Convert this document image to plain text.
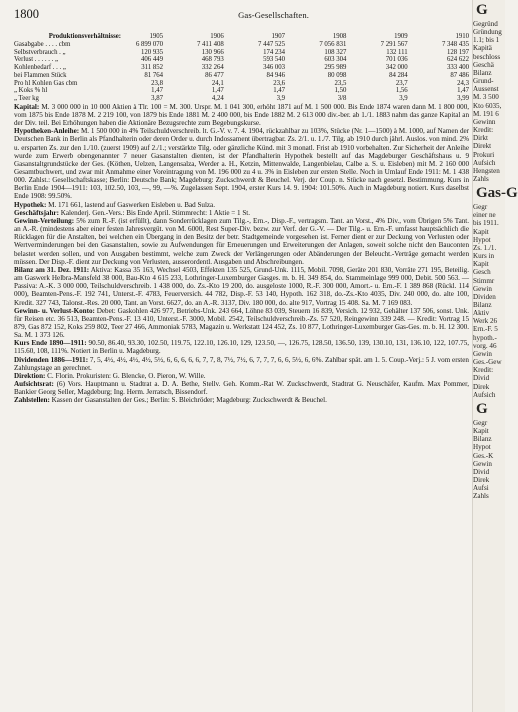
1800	Gas-Gesellschaften.
Produktionsverhältnisse:	1905	1906	1907	1908	1909	1910
Gasabgabe . . . . cbm	6 899 070	7 411 408	7 447 525	7 056 831	7 291 567	7 348 435
Selbstverbrauch . „	120 935	130 966	174 234	108 327	132 111	128 197
Verlust . . . . . . „	406 449	468 793	593 540	603 304	701 036	624 622
Kohlenbedarf . . . „	311 852	332 264	346 003	295 989	342 000	333 400
bei Flammen Stück	81 764	86 477	84 946	80 098	84 284	87 486
Pro hl Kohlen Gas cbm	23,8	24,1	23,6	23,5	23,7	24,3
„ Koks % hl	1,47	1,47	1,47	1,50	1,56	1,47
„ Teer kg	3,87	4,24	3,9	3/8	3,9	3,99

Kapital: M. 3 000 000 in 10 000 Aktien à Tlr. 100 = M. 300. Urspr. M. 1 041 300, erhöht 1871 auf M. 1 500 000. Bis Ende 1874 waren dann M. 1 800 000, vom 1875 bis Ende 1878 M. 2 219 100, von 1879 bis Ende 1881 M. 2 400 000, bis Ende 1882 M. 2 613 000 div.-ber. ab 1./1. 1883 nahm das ganze Kapital an der Div. teil. Bei Erhöhungen haben die Aktionäre Bezugsrechte zum Begebungskurse.

Hypotheken-Anleihe: M. 1 500 000 in 4% Teilschuldverschreib. lt. G.-V. v. 7. 4. 1904, rückzahlbar zu 103%, Stücke (Nr. 1—1500) à M. 1000, auf Namen der Deutschen Bank in Berlin als Pfandhalterin oder deren Order u. durch Indossament übertragbar. Zs. 2/1. u. 1./7. Tilg. ab 1910 durch jährl. Auslos. von mind. 2% u. ersparten Zs. zur den 1./10. (zuerst 1909) auf 2./1.; verstärkte Tilg. oder gänzliche Künd. mit 3 monatl. Frist ab 1910 vorbehalten. Zur Sicherheit der Anleihe wurde zum Erwerb obengenannter 7 neuer Gasanstalten dienten, ist der Pfandhalterin Hypothek bestellt auf das Magdeburger Geschäftshaus u. 9 Gasanstaltgrundstücke der Ges. (Köthen, Uelzen, Langensalza, Werder a. H., Ketzin, Mittenwalde, Langenbielau, Calbe a. S. u. Eisleben) mit M. 2 160 000 Gesamtbuchwert, und zwar mit Anmahme einer Voreintragung von M. 196 000 zu 4 u. 3% in Eisleben zur ersten Stelle. Noch in Umlauf Ende 1911: M. 1 438 000. Zahlst.: Gesellschaftskasse; Berlin: Deutsche Bank; Magdeburg: Zuckschwerdt & Beuchel. Verj. der Coup. n. Stücke nach gesetzl. Bestimmung. Kurs in Berlin Ende 1904—1911: 103, 102.50, 103, —, 99, —%. Zugelassen Sept. 1904, erster Kurs 14. 9. 1904: 101.50%. Auch in Magdeburg notiert. Kurs daselbst Ende 1908: 99.50%.

Hypothek: M. 171 661, lastend auf Gaswerken Eisleben u. Bad Sulza.

Geschäftsjahr: Kalenderj. Gen.-Vers.: Bis Ende April. Stimmrecht: 1 Aktie = 1 St.

Gewinn-Verteilung: 5% zum R.-F. (ist erfüllt), dann Sonderrücklagen zum Tilg.-, Ern.-, Disp.-F., vertragsm. Tant. an Vorst., 4% Div., vom Übrigen 5% Tant. an A.-R. (mindestens aber einer festen Jahresvergüt. von M. 6000, Rest Super-Div. bezw. zur Verf. der G.-V. — Der Tilg.- u. Ern.-F. umfasst hauptsächlich die Rücklagen für die Anstalten, bei welchen ein Übergang in den Besitz der betr. Stadtgemeinde vorgesehen ist. Ferner dient er zur Deckung von Verlusten oder Wertverminderungen bei den Gasanstalten, sowie zu Aufwendungen für Erneuerungen und Erweiterungen der Anlagen, soweit solche nicht den Bauconten belastet werden sollen, und von Ausgaben bestimmt, welche zum Zweck der Verlängerungen oder Abänderungen der Beleucht.-Verträge gemacht werden müssen. Der Disp.-F. dient zur Deckung von Verlusten, ausserordentl. Ausgaben und Abschreibungen.

Bilanz am 31. Dez. 1911: Aktiva: Kassa 35 163, Wechsel 4503, Effekten 135 525, Grund-Unk. 1115, Mobil. 7098, Geräte 201 830, Vorräte 271 195, Beteilig. am Gaswerk Helbra-Mansfeld 38 000, Bau-Kto 4 615 233, Lothringer-Luxemburger Gasges. m. b. H. 349 854, do. Stammeinlage 999 000, Debit. 500 563. — Passiva: A.-K. 3 000 000, Teilschuldverschreib. 1 438 000, do. Zs.-Kto 19 200, do. ausgeloste 1000, R.-F. 300 000, Amort.- u. Ern.-F. 1 389 868 (Rückl. 114 000), Beamten-Pens.-F. 192 741, Unterst.-F. 4783, Feuerversich. 44 782, Disp.-F. 53 140, Hypoth. 162 318, do.-Zs.-Kto 4035, Div. 240 000, do. alte 100, Kredit. 327 743, Talonst.-Res. 20 000, Tant. an Vorst. 6627, do. an A.-R. 3137, Div. 180 000, do. alte 917, Vortrag 15 408. Sa. M. 7 169 083.

Gewinn- u. Verlust-Konto: Debet: Gaskohlen 426 977, Betriebs-Unk. 243 664, Löhne 83 039, Steuern 16 839, Versich. 12 932, Gehälter 137 506, sonst. Unk. für Reisen etc. 36 513, Beamten-Pens.-F. 13 410, Unterst.-F. 3000, Mobil. 2542, Teilschuldverschreib.-Zs. 57 520, Reingewinn 339 248. — Kredit: Vortrag 15 879, Gas 872 152, Koks 259 802, Teer 27 466, Ammoniak 5783, Magazin u. Werkstatt 124 452, Zs. 10 877, Lothringer-Luxemburger Gas-Ges. m. b. H. 12 300. Sa. M. 1 373 126.

Kurs Ende 1890—1911: 90.50, 86.40, 93.30, 102.50, 119.75, 122.10, 126.10, 129, 123.50, —, 126.75, 128.50, 136.50, 139, 130.10, 131, 136.10, 122, 107.75, 115.60, 108, 111%. Notiert in Berlin u. Magdeburg.

Dividenden 1886—1911: 7, 5, 4½, 4½, 4½, 4½, 5½, 6, 6, 6, 6, 6, 7, 7, 8, 7½, 7½, 6, 7, 7, 7, 6, 6, 5½, 6, 6%. Zahlbar spät. am 1. 5. Coup.-Verj.: 5 J. vom ersten Zahlungstage an gerechnet.

Direktion: C. Florin. Prokuristen: G. Blencke, O. Pieron, W. Wille.

Aufsichtsrat: (6) Vors. Hauptmann u. Stadtrat a. D. A. Bethe, Stellv. Geh. Komm.-Rat W. Zuckschwerdt, Stadtrat G. Neuschäfer, Kaufm. Max Pommer, Bankier Georg Seller, Magdeburg; Ing. Herm. Jerratsch, Bissendorf.

Zahlstellen: Kassen der Gasanstalten der Ges.; Berlin: S. Bleichröder; Magdeburg: Zuckschwerdt & Beuchel.

G
Gegründ
Gründung
1.1; bis 1
Kapitä
beschloss
Geschä
Bilanz
Grund-
Aussenst
M. 3 500
Kto 6035,
M. 191 6
Gewinn
Kredit:
Dirkt
Direkt
Prokuri
Aufsich
Hengsten
Zahls
Gas-G
Gegr
einer ne
bis 1911.
Kapit
Hypot
Zs. 1./1.
Kurs in
Kapit
Gesch
Stimmr
Gewin
Dividen
Bilanz
Aktiv
Werk 26
Ern.-F. 5
hypoth.-
vorg. 46
Gewin
Ges.-Gew
Kredit:
Divid
Direk
Aufsich
G
Gegr
Kapit
Bilanz
Hypot
Ges.-K
Gewin
Divid
Direk
Aufsi
Zahls
